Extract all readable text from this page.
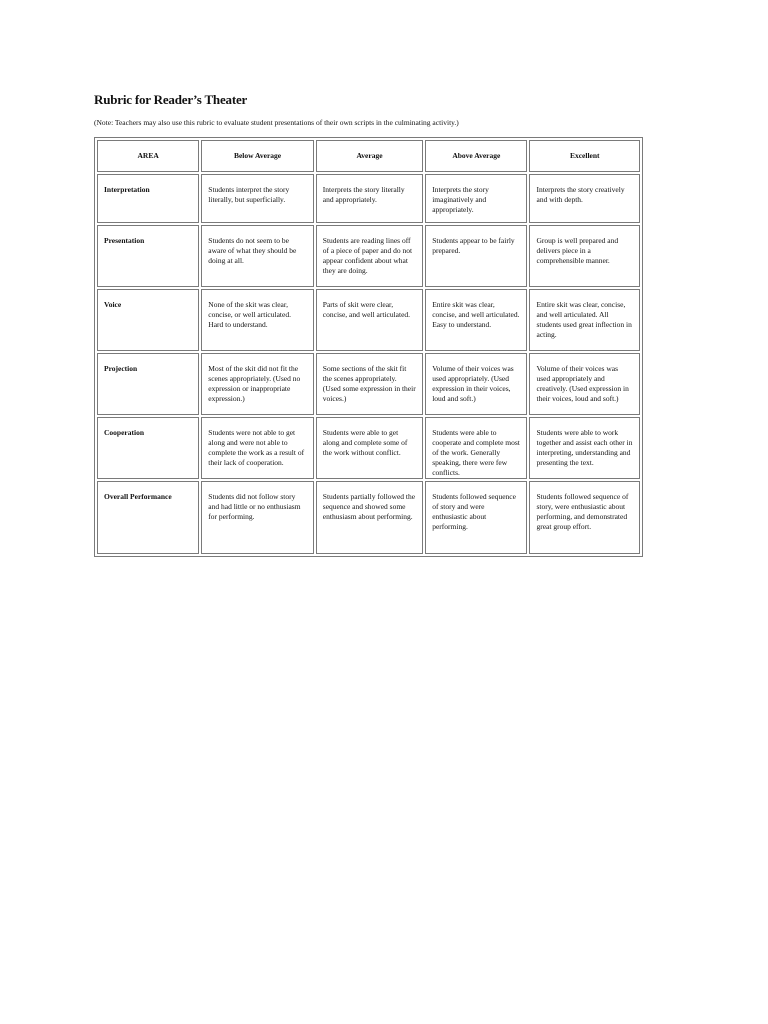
Rubric for Reader’s Theater

(Note: Teachers may also use this rubric to evaluate student presentations of their own scripts in the culminating activity.)

AREA	Below Average	Average	Above Average	Excellent
Interpretation	Students interpret the story literally, but superficially.	Interprets the story literally and appropriately.	Interprets the story imaginatively and appropriately.	Interprets the story creatively and with depth.
Presentation	Students do not seem to be aware of what they should be doing at all.	Students are reading lines off of a piece of paper and do not appear confident about what they are doing.	Students appear to be fairly prepared.	Group is well prepared and delivers piece in a comprehensible manner.
Voice	None of the skit was clear, concise, or well articulated. Hard to understand.	Parts of skit were clear, concise, and well articulated.	Entire skit was clear, concise, and well articulated. Easy to understand.	Entire skit was clear, concise, and well articulated. All students used great inflection in acting.
Projection	Most of the skit did not fit the scenes appropriately. (Used no expression or inappropriate expression.)	Some sections of the skit fit the scenes appropriately. (Used some expression in their voices.)	Volume of their voices was used appropriately. (Used expression in their voices, loud and soft.)	Volume of their voices was used appropriately and creatively. (Used expression in their voices, loud and soft.)
Cooperation	Students were not able to get along and were not able to complete the work as a result of their lack of cooperation.	Students were able to get along and complete some of the work without conflict.	Students were able to cooperate and complete most of the work. Generally speaking, there were few conflicts.	Students were able to work together and assist each other in interpreting, understanding and presenting the text.
Overall Performance	Students did not follow story and had little or no enthusiasm for performing.	Students partially followed the sequence and showed some enthusiasm about performing.	Students followed sequence of story and were enthusiastic about performing.	Students followed sequence of story, were enthusiastic about performing, and demonstrated great group effort.
